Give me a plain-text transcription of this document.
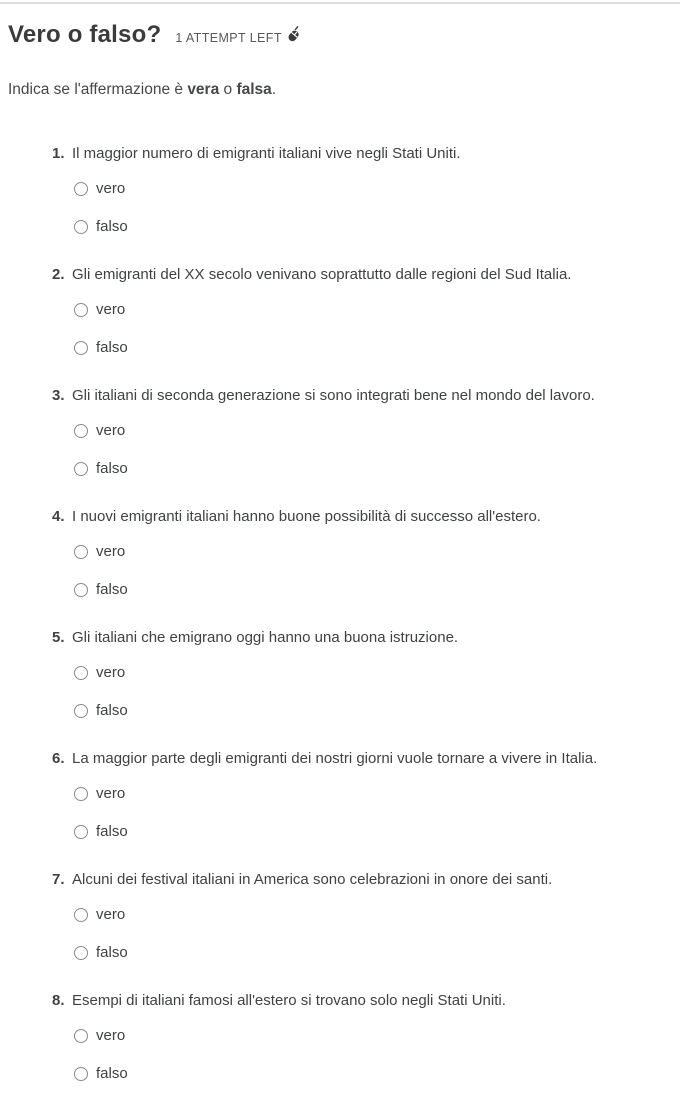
Vero o falso? 1 ATTEMPT LEFT

Indica se l'affermazione è vera o falsa.

1. Il maggior numero di emigranti italiani vive negli Stati Uniti.
vero
falso
2. Gli emigranti del XX secolo venivano soprattutto dalle regioni del Sud Italia.
vero
falso
3. Gli italiani di seconda generazione si sono integrati bene nel mondo del lavoro.
vero
falso
4. I nuovi emigranti italiani hanno buone possibilità di successo all'estero.
vero
falso
5. Gli italiani che emigrano oggi hanno una buona istruzione.
vero
falso
6. La maggior parte degli emigranti dei nostri giorni vuole tornare a vivere in Italia.
vero
falso
7. Alcuni dei festival italiani in America sono celebrazioni in onore dei santi.
vero
falso
8. Esempi di italiani famosi all'estero si trovano solo negli Stati Uniti.
vero
falso
